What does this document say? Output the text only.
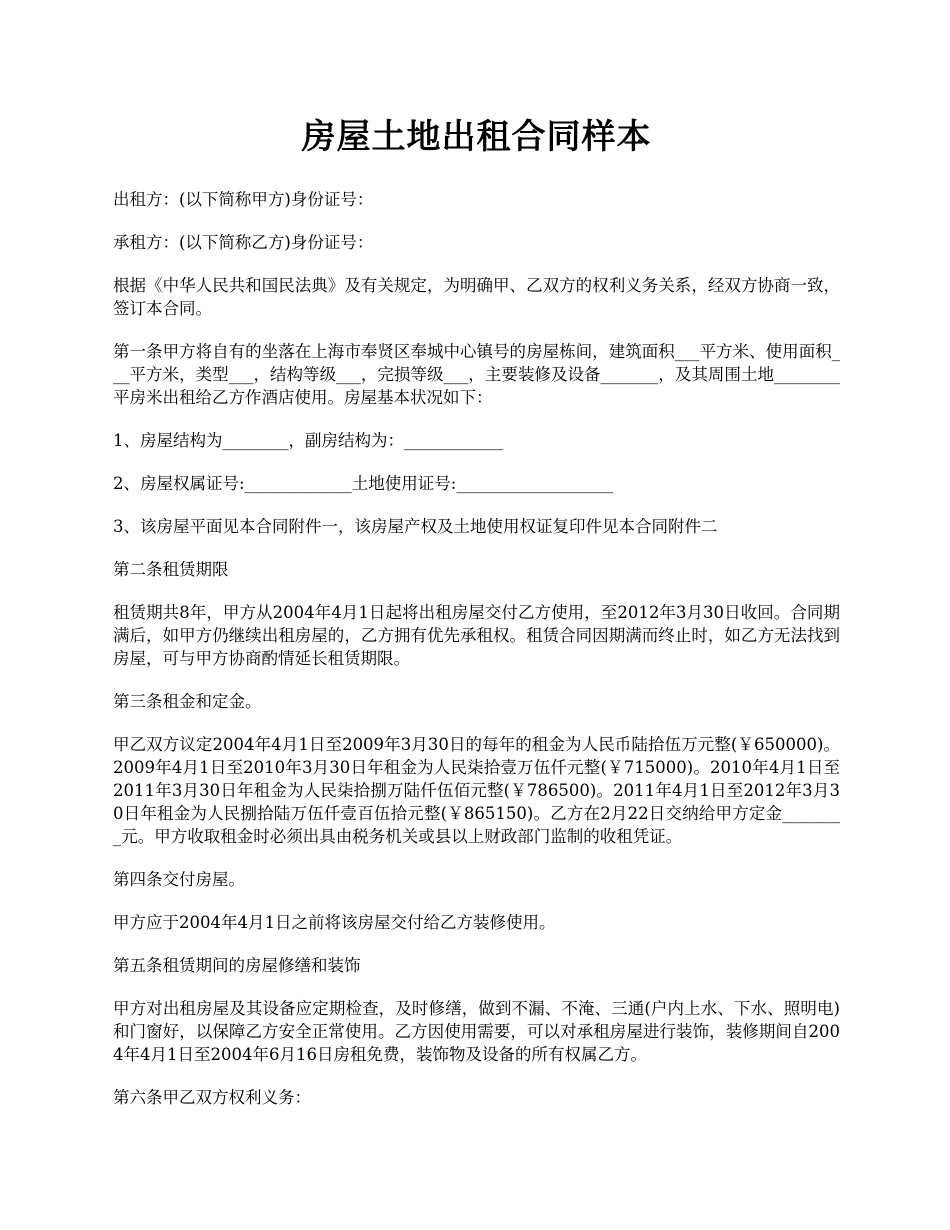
房屋土地出租合同样本

出租方：(以下简称甲方)身份证号：

承租方：(以下简称乙方)身份证号：

根据《中华人民共和国民法典》及有关规定，为明确甲、乙双方的权利义务关系，经双方协商一致，签订本合同。

第一条甲方将自有的坐落在上海市奉贤区奉城中心镇号的房屋栋间，建筑面积___平方米、使用面积___平方米，类型___，结构等级___，完损等级___，主要装修及设备_______，及其周围土地________平房米出租给乙方作酒店使用。房屋基本状况如下：

1、房屋结构为________，副房结构为：____________

2、房屋权属证号:_____________土地使用证号:___________________

3、该房屋平面见本合同附件一，该房屋产权及土地使用权证复印件见本合同附件二

第二条租赁期限

租赁期共8年，甲方从2004年4月1日起将出租房屋交付乙方使用，至2012年3月30日收回。合同期满后，如甲方仍继续出租房屋的，乙方拥有优先承租权。租赁合同因期满而终止时，如乙方无法找到房屋，可与甲方协商酌情延长租赁期限。

第三条租金和定金。

甲乙双方议定2004年4月1日至2009年3月30日的每年的租金为人民币陆拾伍万元整(￥650000)。2009年4月1日至2010年3月30日年租金为人民柒拾壹万伍仟元整(￥715000)。2010年4月1日至2011年3月30日年租金为人民柒拾捌万陆仟伍佰元整(￥786500)。2011年4月1日至2012年3月30日年租金为人民捌拾陆万伍仟壹百伍拾元整(￥865150)。乙方在2月22日交纳给甲方定金________元。甲方收取租金时必须出具由税务机关或县以上财政部门监制的收租凭证。

第四条交付房屋。

甲方应于2004年4月1日之前将该房屋交付给乙方装修使用。

第五条租赁期间的房屋修缮和装饰

甲方对出租房屋及其设备应定期检查，及时修缮，做到不漏、不淹、三通(户内上水、下水、照明电)和门窗好，以保障乙方安全正常使用。乙方因使用需要，可以对承租房屋进行装饰，装修期间自2004年4月1日至2004年6月16日房租免费，装饰物及设备的所有权属乙方。

第六条甲乙双方权利义务：
